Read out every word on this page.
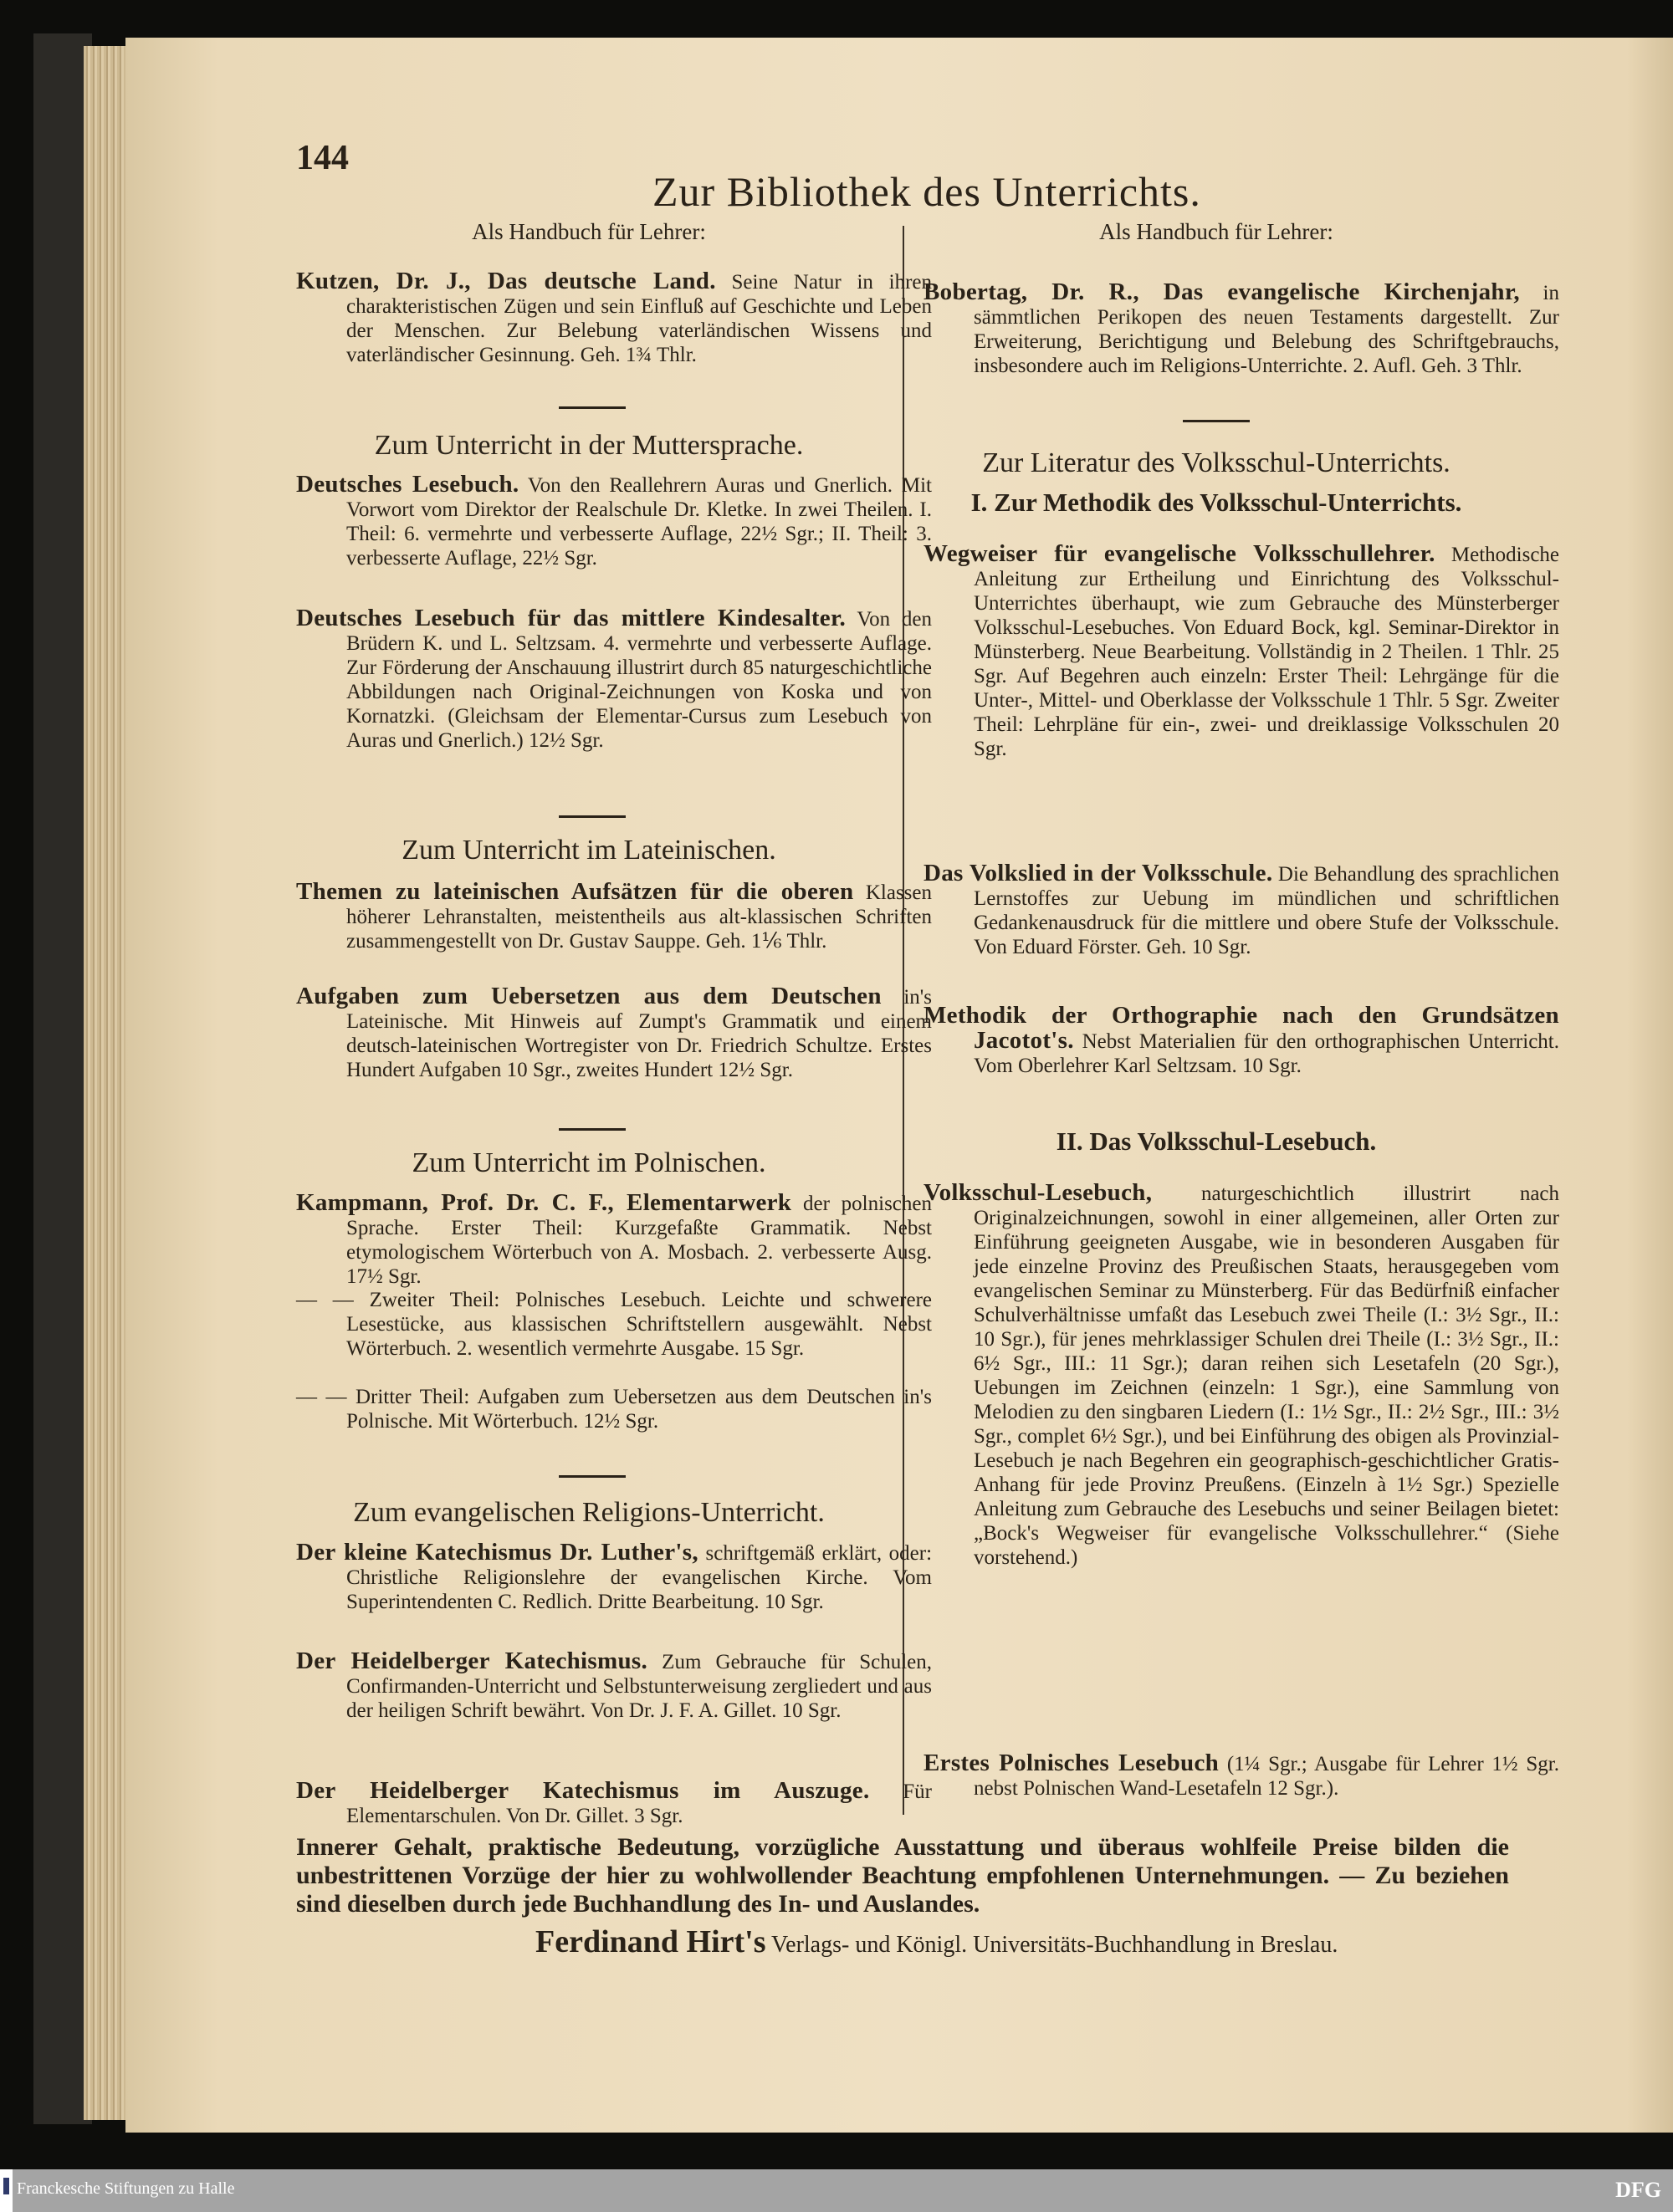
144
Zur Bibliothek des Unterrichts.
Als Handbuch für Lehrer:
Kutzen, Dr. J., Das deutsche Land. Seine Natur in ihren charakteristischen Zügen und sein Einfluß auf Geschichte und Leben der Menschen. Zur Belebung vaterländischen Wissens und vaterländischer Gesinnung. Geh. 1¾ Thlr.
Zum Unterricht in der Muttersprache.
Deutsches Lesebuch. Von den Reallehrern Auras und Gnerlich. Mit Vorwort vom Direktor der Realschule Dr. Kletke. In zwei Theilen. I. Theil: 6. vermehrte und verbesserte Auflage, 22½ Sgr.; II. Theil: 3. verbesserte Auflage, 22½ Sgr.
Deutsches Lesebuch für das mittlere Kindesalter. Von den Brüdern K. und L. Seltzsam. 4. vermehrte und verbesserte Auflage. Zur Förderung der Anschauung illustrirt durch 85 naturgeschichtliche Abbildungen nach Original-Zeichnungen von Koska und von Kornatzki. (Gleichsam der Elementar-Cursus zum Lesebuch von Auras und Gnerlich.) 12½ Sgr.
Zum Unterricht im Lateinischen.
Themen zu lateinischen Aufsätzen für die oberen Klassen höherer Lehranstalten, meistentheils aus alt-klassischen Schriften zusammengestellt von Dr. Gustav Sauppe. Geh. 1⅙ Thlr.
Aufgaben zum Uebersetzen aus dem Deutschen in's Lateinische. Mit Hinweis auf Zumpt's Grammatik und einem deutsch-lateinischen Wortregister von Dr. Friedrich Schultze. Erstes Hundert Aufgaben 10 Sgr., zweites Hundert 12½ Sgr.
Zum Unterricht im Polnischen.
Kampmann, Prof. Dr. C. F., Elementarwerk der polnischen Sprache. Erster Theil: Kurzgefaßte Grammatik. Nebst etymologischem Wörterbuch von A. Mosbach. 2. verbesserte Ausg. 17½ Sgr.
— — Zweiter Theil: Polnisches Lesebuch. Leichte und schwerere Lesestücke, aus klassischen Schriftstellern ausgewählt. Nebst Wörterbuch. 2. wesentlich vermehrte Ausgabe. 15 Sgr.
— — Dritter Theil: Aufgaben zum Uebersetzen aus dem Deutschen in's Polnische. Mit Wörterbuch. 12½ Sgr.
Zum evangelischen Religions-Unterricht.
Der kleine Katechismus Dr. Luther's, schriftgemäß erklärt, oder: Christliche Religionslehre der evangelischen Kirche. Vom Superintendenten C. Redlich. Dritte Bearbeitung. 10 Sgr.
Der Heidelberger Katechismus. Zum Gebrauche für Schulen, Confirmanden-Unterricht und Selbstunterweisung zergliedert und aus der heiligen Schrift bewährt. Von Dr. J. F. A. Gillet. 10 Sgr.
Der Heidelberger Katechismus im Auszuge. Für Elementarschulen. Von Dr. Gillet. 3 Sgr.
Als Handbuch für Lehrer:
Bobertag, Dr. R., Das evangelische Kirchenjahr, in sämmtlichen Perikopen des neuen Testaments dargestellt. Zur Erweiterung, Berichtigung und Belebung des Schriftgebrauchs, insbesondere auch im Religions-Unterrichte. 2. Aufl. Geh. 3 Thlr.
Zur Literatur des Volksschul-Unterrichts.
I. Zur Methodik des Volksschul-Unterrichts.
Wegweiser für evangelische Volksschullehrer. Methodische Anleitung zur Ertheilung und Einrichtung des Volksschul-Unterrichtes überhaupt, wie zum Gebrauche des Münsterberger Volksschul-Lesebuches. Von Eduard Bock, kgl. Seminar-Direktor in Münsterberg. Neue Bearbeitung. Vollständig in 2 Theilen. 1 Thlr. 25 Sgr. Auf Begehren auch einzeln: Erster Theil: Lehrgänge für die Unter-, Mittel- und Oberklasse der Volksschule 1 Thlr. 5 Sgr. Zweiter Theil: Lehrpläne für ein-, zwei- und dreiklassige Volksschulen 20 Sgr.
Das Volkslied in der Volksschule. Die Behandlung des sprachlichen Lernstoffes zur Uebung im mündlichen und schriftlichen Gedankenausdruck für die mittlere und obere Stufe der Volksschule. Von Eduard Förster. Geh. 10 Sgr.
Methodik der Orthographie nach den Grundsätzen Jacotot's. Nebst Materialien für den orthographischen Unterricht. Vom Oberlehrer Karl Seltzsam. 10 Sgr.
II. Das Volksschul-Lesebuch.
Volksschul-Lesebuch, naturgeschichtlich illustrirt nach Originalzeichnungen, sowohl in einer allgemeinen, aller Orten zur Einführung geeigneten Ausgabe, wie in besonderen Ausgaben für jede einzelne Provinz des Preußischen Staats, herausgegeben vom evangelischen Seminar zu Münsterberg. Für das Bedürfniß einfacher Schulverhältnisse umfaßt das Lesebuch zwei Theile (I.: 3½ Sgr., II.: 10 Sgr.), für jenes mehrklassiger Schulen drei Theile (I.: 3½ Sgr., II.: 6½ Sgr., III.: 11 Sgr.); daran reihen sich Lesetafeln (20 Sgr.), Uebungen im Zeichnen (einzeln: 1 Sgr.), eine Sammlung von Melodien zu den singbaren Liedern (I.: 1½ Sgr., II.: 2½ Sgr., III.: 3½ Sgr., complet 6½ Sgr.), und bei Einführung des obigen als Provinzial-Lesebuch je nach Begehren ein geographisch-geschichtlicher Gratis-Anhang für jede Provinz Preußens. (Einzeln à 1½ Sgr.) Spezielle Anleitung zum Gebrauche des Lesebuchs und seiner Beilagen bietet: „Bock's Wegweiser für evangelische Volksschullehrer.“ (Siehe vorstehend.)
Erstes Polnisches Lesebuch (1¼ Sgr.; Ausgabe für Lehrer 1½ Sgr. nebst Polnischen Wand-Lesetafeln 12 Sgr.).
Innerer Gehalt, praktische Bedeutung, vorzügliche Ausstattung und überaus wohlfeile Preise bilden die unbestrittenen Vorzüge der hier zu wohlwollender Beachtung empfohlenen Unternehmungen. — Zu beziehen sind dieselben durch jede Buchhandlung des In- und Auslandes.
Ferdinand Hirt's Verlags- und Königl. Universitäts-Buchhandlung in Breslau.
Franckesche Stiftungen zu Halle	DFG
